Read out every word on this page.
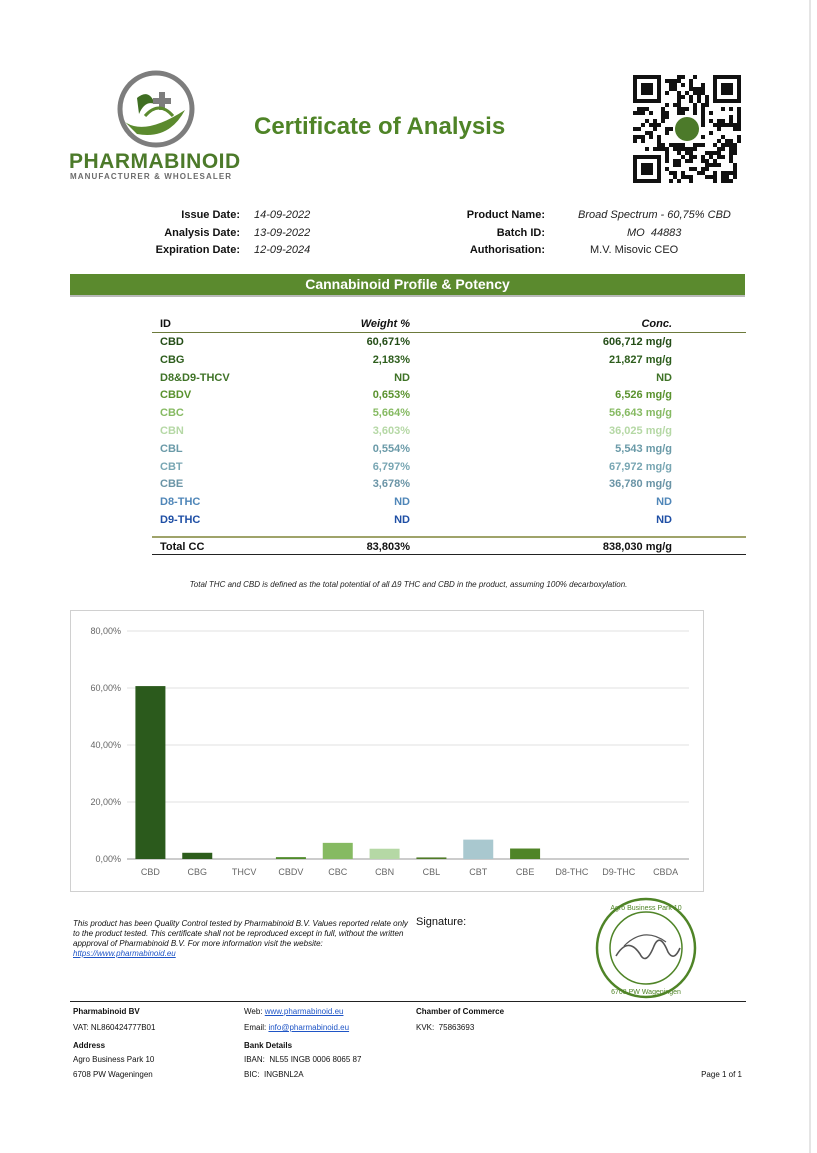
PHARMABINOID
MANUFACTURER & WHOLESALER
Certificate of Analysis
Issue Date: 14-09-2022
Analysis Date: 13-09-2022
Expiration Date: 12-09-2024
Product Name:	Broad Spectrum - 60,75% CBD
Batch ID:	MO  44883
Authorisation:	M.V. Misovic CEO
Cannabinoid Profile & Potency
ID	Weight %	Conc.
CBD	60,671%	606,712 mg/g
CBG	2,183%	21,827 mg/g
D8&D9-THCV	ND	ND
CBDV	0,653%	6,526 mg/g
CBC	5,664%	56,643 mg/g
CBN	3,603%	36,025 mg/g
CBL	0,554%	5,543 mg/g
CBT	6,797%	67,972 mg/g
CBE	3,678%	36,780 mg/g
D8-THC	ND	ND
D9-THC	ND	ND
Total CC	83,803%	838,030 mg/g
Total THC and CBD is defined as the total potential of all Δ9 THC and CBD in the product, assuming 100% decarboxylation.
80,00%
60,00%
40,00%
20,00%
0,00%
CBD	CBG	THCV CBDV	CBC	CBN	CBL	CBT	CBE D8-THC D9-THC CBDA
This product has been Quality Control tested by Pharmabinoid B.V. Values reported relate only to the product tested. This certificate shall not be reproduced except in full, without the written appproval of Pharmabinoid B.V. For more information visit the website: https://www.pharmabinoid.eu
Signature:
Agro Business Park 10
6708 PW Wageningen
Pharmabinoid BV
VAT: NL860424777B01
Address
Agro Business Park 10
6708 PW Wageningen
Web: www.pharmabinoid.eu
Email: info@pharmabinoid.eu
Bank Details
IBAN:  NL55 INGB 0006 8065 87
BIC:  INGBNL2A
Chamber of Commerce
KVK:  75863693
Page 1 of 1
